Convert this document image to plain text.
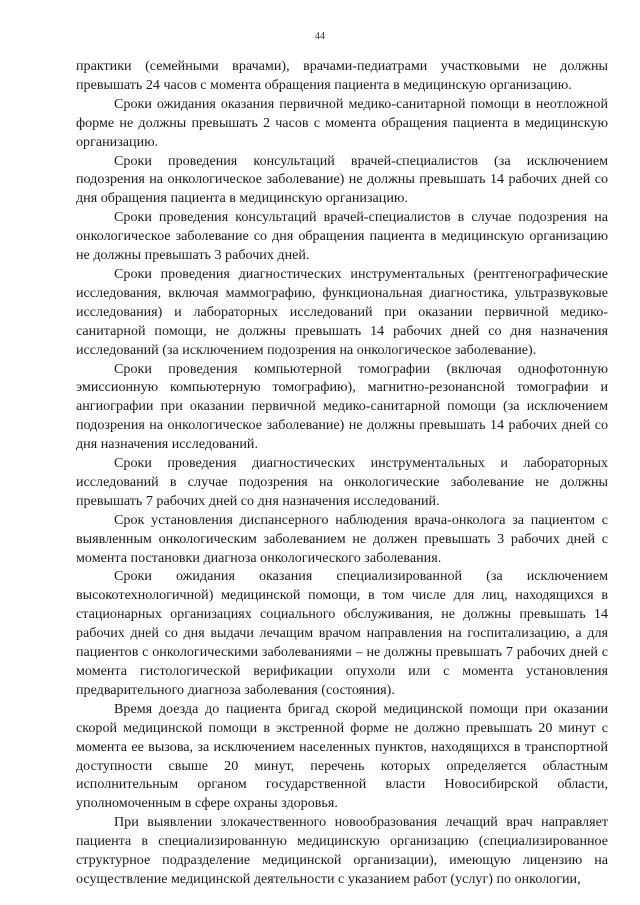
44

практики (семейными врачами), врачами-педиатрами участковыми не должны превышать 24 часов с момента обращения пациента в медицинскую организацию.

Сроки ожидания оказания первичной медико-санитарной помощи в неотложной форме не должны превышать 2 часов с момента обращения пациента в медицинскую организацию.

Сроки проведения консультаций врачей-специалистов (за исключением подозрения на онкологическое заболевание) не должны превышать 14 рабочих дней со дня обращения пациента в медицинскую организацию.

Сроки проведения консультаций врачей-специалистов в случае подозрения на онкологическое заболевание со дня обращения пациента в медицинскую организацию не должны превышать 3 рабочих дней.

Сроки проведения диагностических инструментальных (рентгенографические исследования, включая маммографию, функциональная диагностика, ультразвуковые исследования) и лабораторных исследований при оказании первичной медико-санитарной помощи, не должны превышать 14 рабочих дней со дня назначения исследований (за исключением подозрения на онкологическое заболевание).

Сроки проведения компьютерной томографии (включая однофотонную эмиссионную компьютерную томографию), магнитно-резонансной томографии и ангиографии при оказании первичной медико-санитарной помощи (за исключением подозрения на онкологическое заболевание) не должны превышать 14 рабочих дней со дня назначения исследований.

Сроки проведения диагностических инструментальных и лабораторных исследований в случае подозрения на онкологические заболевание не должны превышать 7 рабочих дней со дня назначения исследований.

Срок установления диспансерного наблюдения врача-онколога за пациентом с выявленным онкологическим заболеванием не должен превышать 3 рабочих дней с момента постановки диагноза онкологического заболевания.

Сроки ожидания оказания специализированной (за исключением высокотехнологичной) медицинской помощи, в том числе для лиц, находящихся в стационарных организациях социального обслуживания, не должны превышать 14 рабочих дней со дня выдачи лечащим врачом направления на госпитализацию, а для пациентов с онкологическими заболеваниями – не должны превышать 7 рабочих дней с момента гистологической верификации опухоли или с момента установления предварительного диагноза заболевания (состояния).

Время доезда до пациента бригад скорой медицинской помощи при оказании скорой медицинской помощи в экстренной форме не должно превышать 20 минут с момента ее вызова, за исключением населенных пунктов, находящихся в транспортной доступности свыше 20 минут, перечень которых определяется областным исполнительным органом государственной власти Новосибирской области, уполномоченным в сфере охраны здоровья.

При выявлении злокачественного новообразования лечащий врач направляет пациента в специализированную медицинскую организацию (специализированное структурное подразделение медицинской организации), имеющую лицензию на осуществление медицинской деятельности с указанием работ (услуг) по онкологии,
